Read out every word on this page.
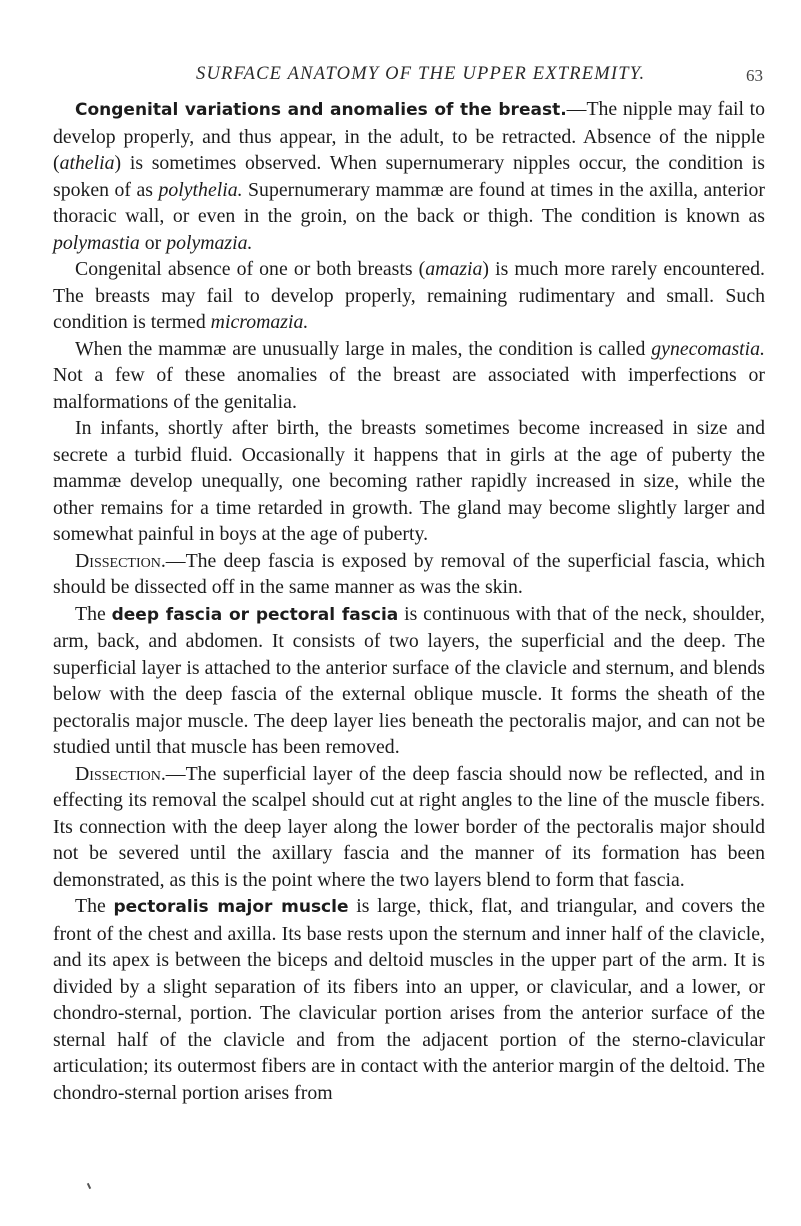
SURFACE ANATOMY OF THE UPPER EXTREMITY.	63

Congenital variations and anomalies of the breast.—The nipple may fail to develop properly, and thus appear, in the adult, to be retracted. Absence of the nipple (athelia) is sometimes observed. When supernumerary nipples occur, the condition is spoken of as polythelia. Supernumerary mammæ are found at times in the axilla, anterior thoracic wall, or even in the groin, on the back or thigh. The condition is known as polymastia or polymazia.

Congenital absence of one or both breasts (amazia) is much more rarely encountered. The breasts may fail to develop properly, remaining rudimentary and small. Such condition is termed micromazia.

When the mammæ are unusually large in males, the condition is called gynecomastia. Not a few of these anomalies of the breast are associated with imperfections or malformations of the genitalia.

In infants, shortly after birth, the breasts sometimes become increased in size and secrete a turbid fluid. Occasionally it happens that in girls at the age of puberty the mammæ develop unequally, one becoming rather rapidly increased in size, while the other remains for a time retarded in growth. The gland may become slightly larger and somewhat painful in boys at the age of puberty.

Dissection.—The deep fascia is exposed by removal of the superficial fascia, which should be dissected off in the same manner as was the skin.

The deep fascia or pectoral fascia is continuous with that of the neck, shoulder, arm, back, and abdomen. It consists of two layers, the superficial and the deep. The superficial layer is attached to the anterior surface of the clavicle and sternum, and blends below with the deep fascia of the external oblique muscle. It forms the sheath of the pectoralis major muscle. The deep layer lies beneath the pectoralis major, and can not be studied until that muscle has been removed.

Dissection.—The superficial layer of the deep fascia should now be reflected, and in effecting its removal the scalpel should cut at right angles to the line of the muscle fibers. Its connection with the deep layer along the lower border of the pectoralis major should not be severed until the axillary fascia and the manner of its formation has been demonstrated, as this is the point where the two layers blend to form that fascia.

The pectoralis major muscle is large, thick, flat, and triangular, and covers the front of the chest and axilla. Its base rests upon the sternum and inner half of the clavicle, and its apex is between the biceps and deltoid muscles in the upper part of the arm. It is divided by a slight separation of its fibers into an upper, or clavicular, and a lower, or chondro-sternal, portion. The clavicular portion arises from the anterior surface of the sternal half of the clavicle and from the adjacent portion of the sterno-clavicular articulation; its outermost fibers are in contact with the anterior margin of the deltoid. The chondro-sternal portion arises from
